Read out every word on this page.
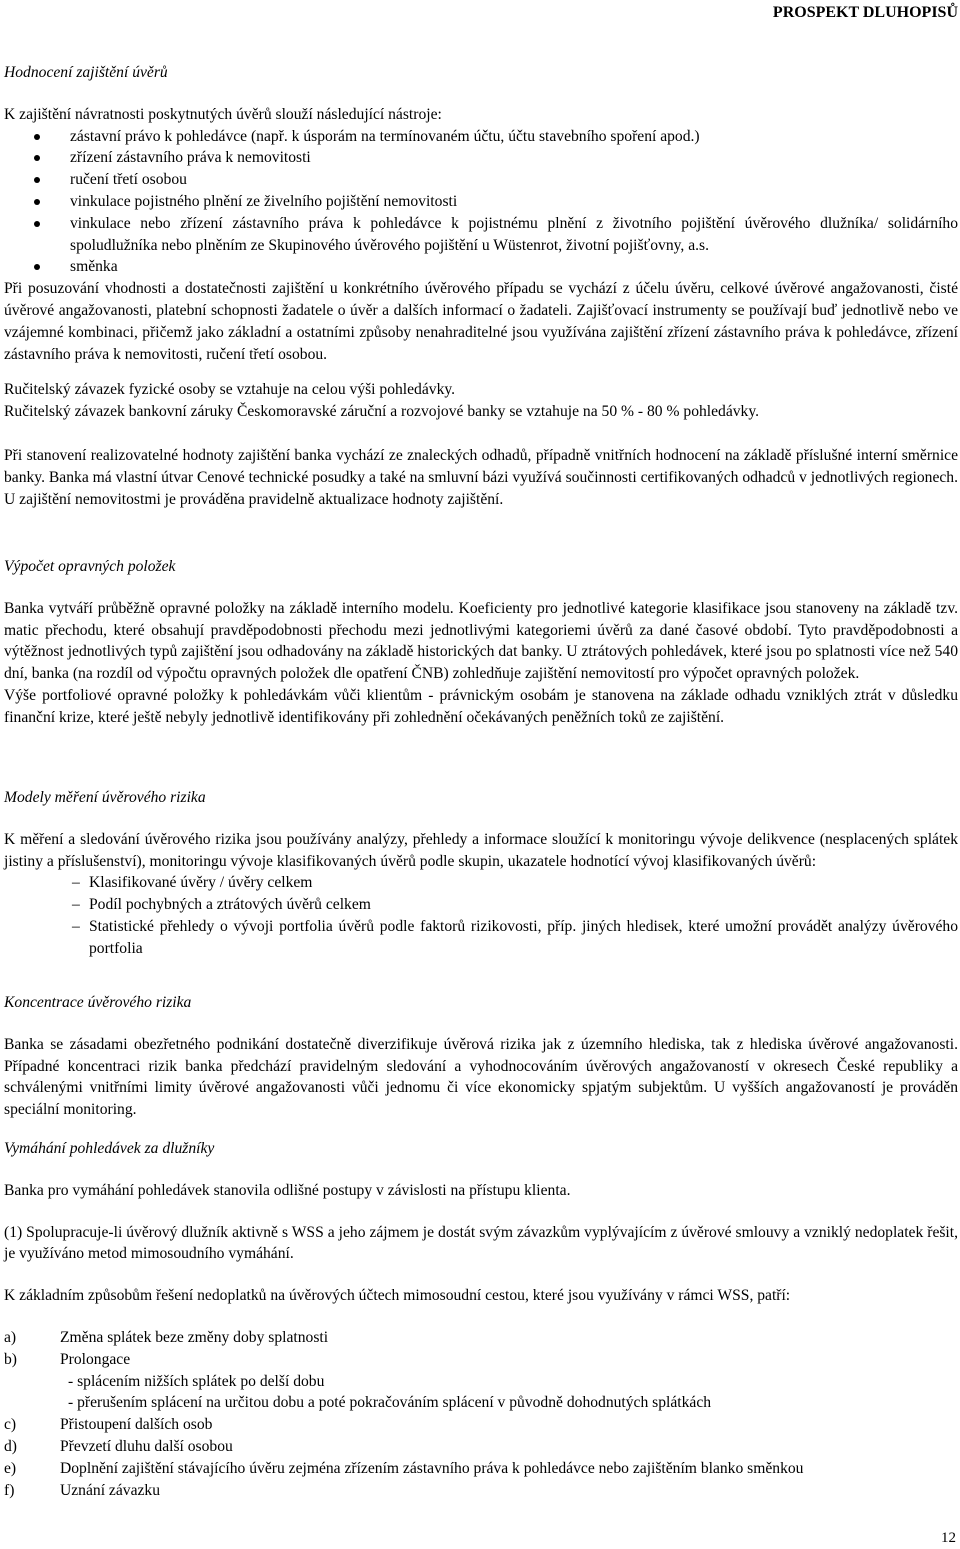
PROSPEKT DLUHOPISŮ

Hodnocení zajištění úvěrů

K zajištění návratnosti poskytnutých úvěrů slouží následující nástroje:

zástavní právo k pohledávce (např. k úsporám na termínovaném účtu, účtu stavebního spoření apod.)
zřízení zástavního práva k nemovitosti
ručení třetí osobou
vinkulace pojistného plnění ze živelního pojištění nemovitosti
vinkulace nebo zřízení zástavního práva k pohledávce k pojistnému plnění z životního pojištění úvěrového dlužníka/ solidárního spoludlužníka nebo plněním ze Skupinového úvěrového pojištění u Wüstenrot, životní pojišťovny, a.s.
směnka

Při posuzování vhodnosti a dostatečnosti zajištění u konkrétního úvěrového případu se vychází z účelu úvěru, celkové úvěrové angažovanosti, čisté úvěrové angažovanosti, platební schopnosti žadatele o úvěr a dalších informací o žadateli. Zajišťovací instrumenty se používají buď jednotlivě nebo ve vzájemné kombinaci, přičemž jako základní a ostatními způsoby nenahraditelné jsou využívána zajištění zřízení zástavního práva k pohledávce, zřízení zástavního práva k nemovitosti, ručení třetí osobou.

Ručitelský závazek fyzické osoby se vztahuje na celou výši pohledávky.

Ručitelský závazek bankovní záruky Českomoravské záruční a rozvojové banky se vztahuje na 50 % - 80 % pohledávky.

Při stanovení realizovatelné hodnoty zajištění banka vychází ze znaleckých odhadů, případně vnitřních hodnocení na základě příslušné interní směrnice banky. Banka má vlastní útvar Cenové technické posudky a také na smluvní bázi využívá součinnosti certifikovaných odhadců v jednotlivých regionech. U zajištění nemovitostmi je prováděna pravidelně aktualizace hodnoty zajištění.

Výpočet opravných položek

Banka vytváří průběžně opravné položky na základě interního modelu. Koeficienty pro jednotlivé kategorie klasifikace jsou stanoveny na základě tzv. matic přechodu, které obsahují pravděpodobnosti přechodu mezi jednotlivými kategoriemi úvěrů za dané časové období. Tyto pravděpodobnosti a výtěžnost jednotlivých typů zajištění jsou odhadovány na základě historických dat banky. U ztrátových pohledávek, které jsou po splatnosti více než 540 dní, banka (na rozdíl od výpočtu opravných položek dle opatření ČNB) zohledňuje zajištění nemovitostí pro výpočet opravných položek.

Výše portfoliové opravné položky k pohledávkám vůči klientům - právnickým osobám je stanovena na základe odhadu vzniklých ztrát v důsledku finanční krize, které ještě nebyly jednotlivě identifikovány při zohlednění očekávaných peněžních toků ze zajištění.

Modely měření úvěrového rizika

K měření a sledování úvěrového rizika jsou používány analýzy, přehledy a informace sloužící k monitoringu vývoje delikvence (nesplacených splátek jistiny a příslušenství), monitoringu vývoje klasifikovaných úvěrů podle skupin, ukazatele hodnotící vývoj klasifikovaných úvěrů:

– Klasifikované úvěry / úvěry celkem
– Podíl pochybných a ztrátových úvěrů celkem
– Statistické přehledy o vývoji portfolia úvěrů podle faktorů rizikovosti, příp. jiných hledisek, které umožní provádět analýzy úvěrového portfolia

Koncentrace úvěrového rizika

Banka se zásadami obezřetného podnikání dostatečně diverzifikuje úvěrová rizika jak z územního hlediska, tak z hlediska úvěrové angažovanosti. Případné koncentraci rizik banka předchází pravidelným sledování a vyhodnocováním úvěrových angažovaností v okresech České republiky a schválenými vnitřními limity úvěrové angažovanosti vůči jednomu či více ekonomicky spjatým subjektům. U vyšších angažovaností je prováděn speciální monitoring.

Vymáhání pohledávek za dlužníky

Banka pro vymáhání pohledávek stanovila odlišné postupy v závislosti na přístupu klienta.

(1) Spolupracuje-li úvěrový dlužník aktivně s WSS a jeho zájmem je dostát svým závazkům vyplývajícím z úvěrové smlouvy a vzniklý nedoplatek řešit, je využíváno metod mimosoudního vymáhání.

K základním způsobům řešení nedoplatků na úvěrových účtech mimosoudní cestou, které jsou využívány v rámci WSS, patří:

a)	Změna splátek beze změny doby splatnosti
b)	Prolongace
- splácením nižších splátek po delší dobu
- přerušením splácení na určitou dobu a poté pokračováním splácení v původně dohodnutých splátkách
c)	Přistoupení dalších osob
d)	Převzetí dluhu další osobou
e)	Doplnění zajištění stávajícího úvěru zejména zřízením zástavního práva k pohledávce nebo zajištěním blanko směnkou
f)	Uznání závazku
12
